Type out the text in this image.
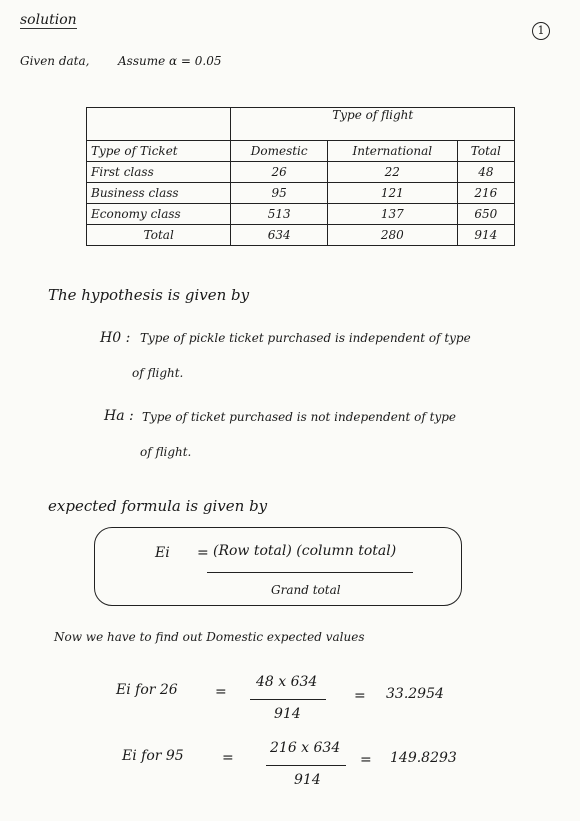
solution
Given data, Assume α = 0.05
1
	Type of flight		
Type of Ticket	Domestic	International	Total
First class	26	22	48
Business class	95	121	216
Economy class	513	137	650
Total	634	280	914
The hypothesis is given by
H0 : Type of pickle ticket purchased is independent of type
of flight.
Ha : Type of ticket purchased is not independent of type
of flight.
expected formula is given by
Ei = (Row total) (column total)
Grand total
Now we have to find out Domestic expected values
Ei for 26	=
48 x 634
914
= 33.2954
Ei for 95	=
216 x 634
914
= 149.8293
